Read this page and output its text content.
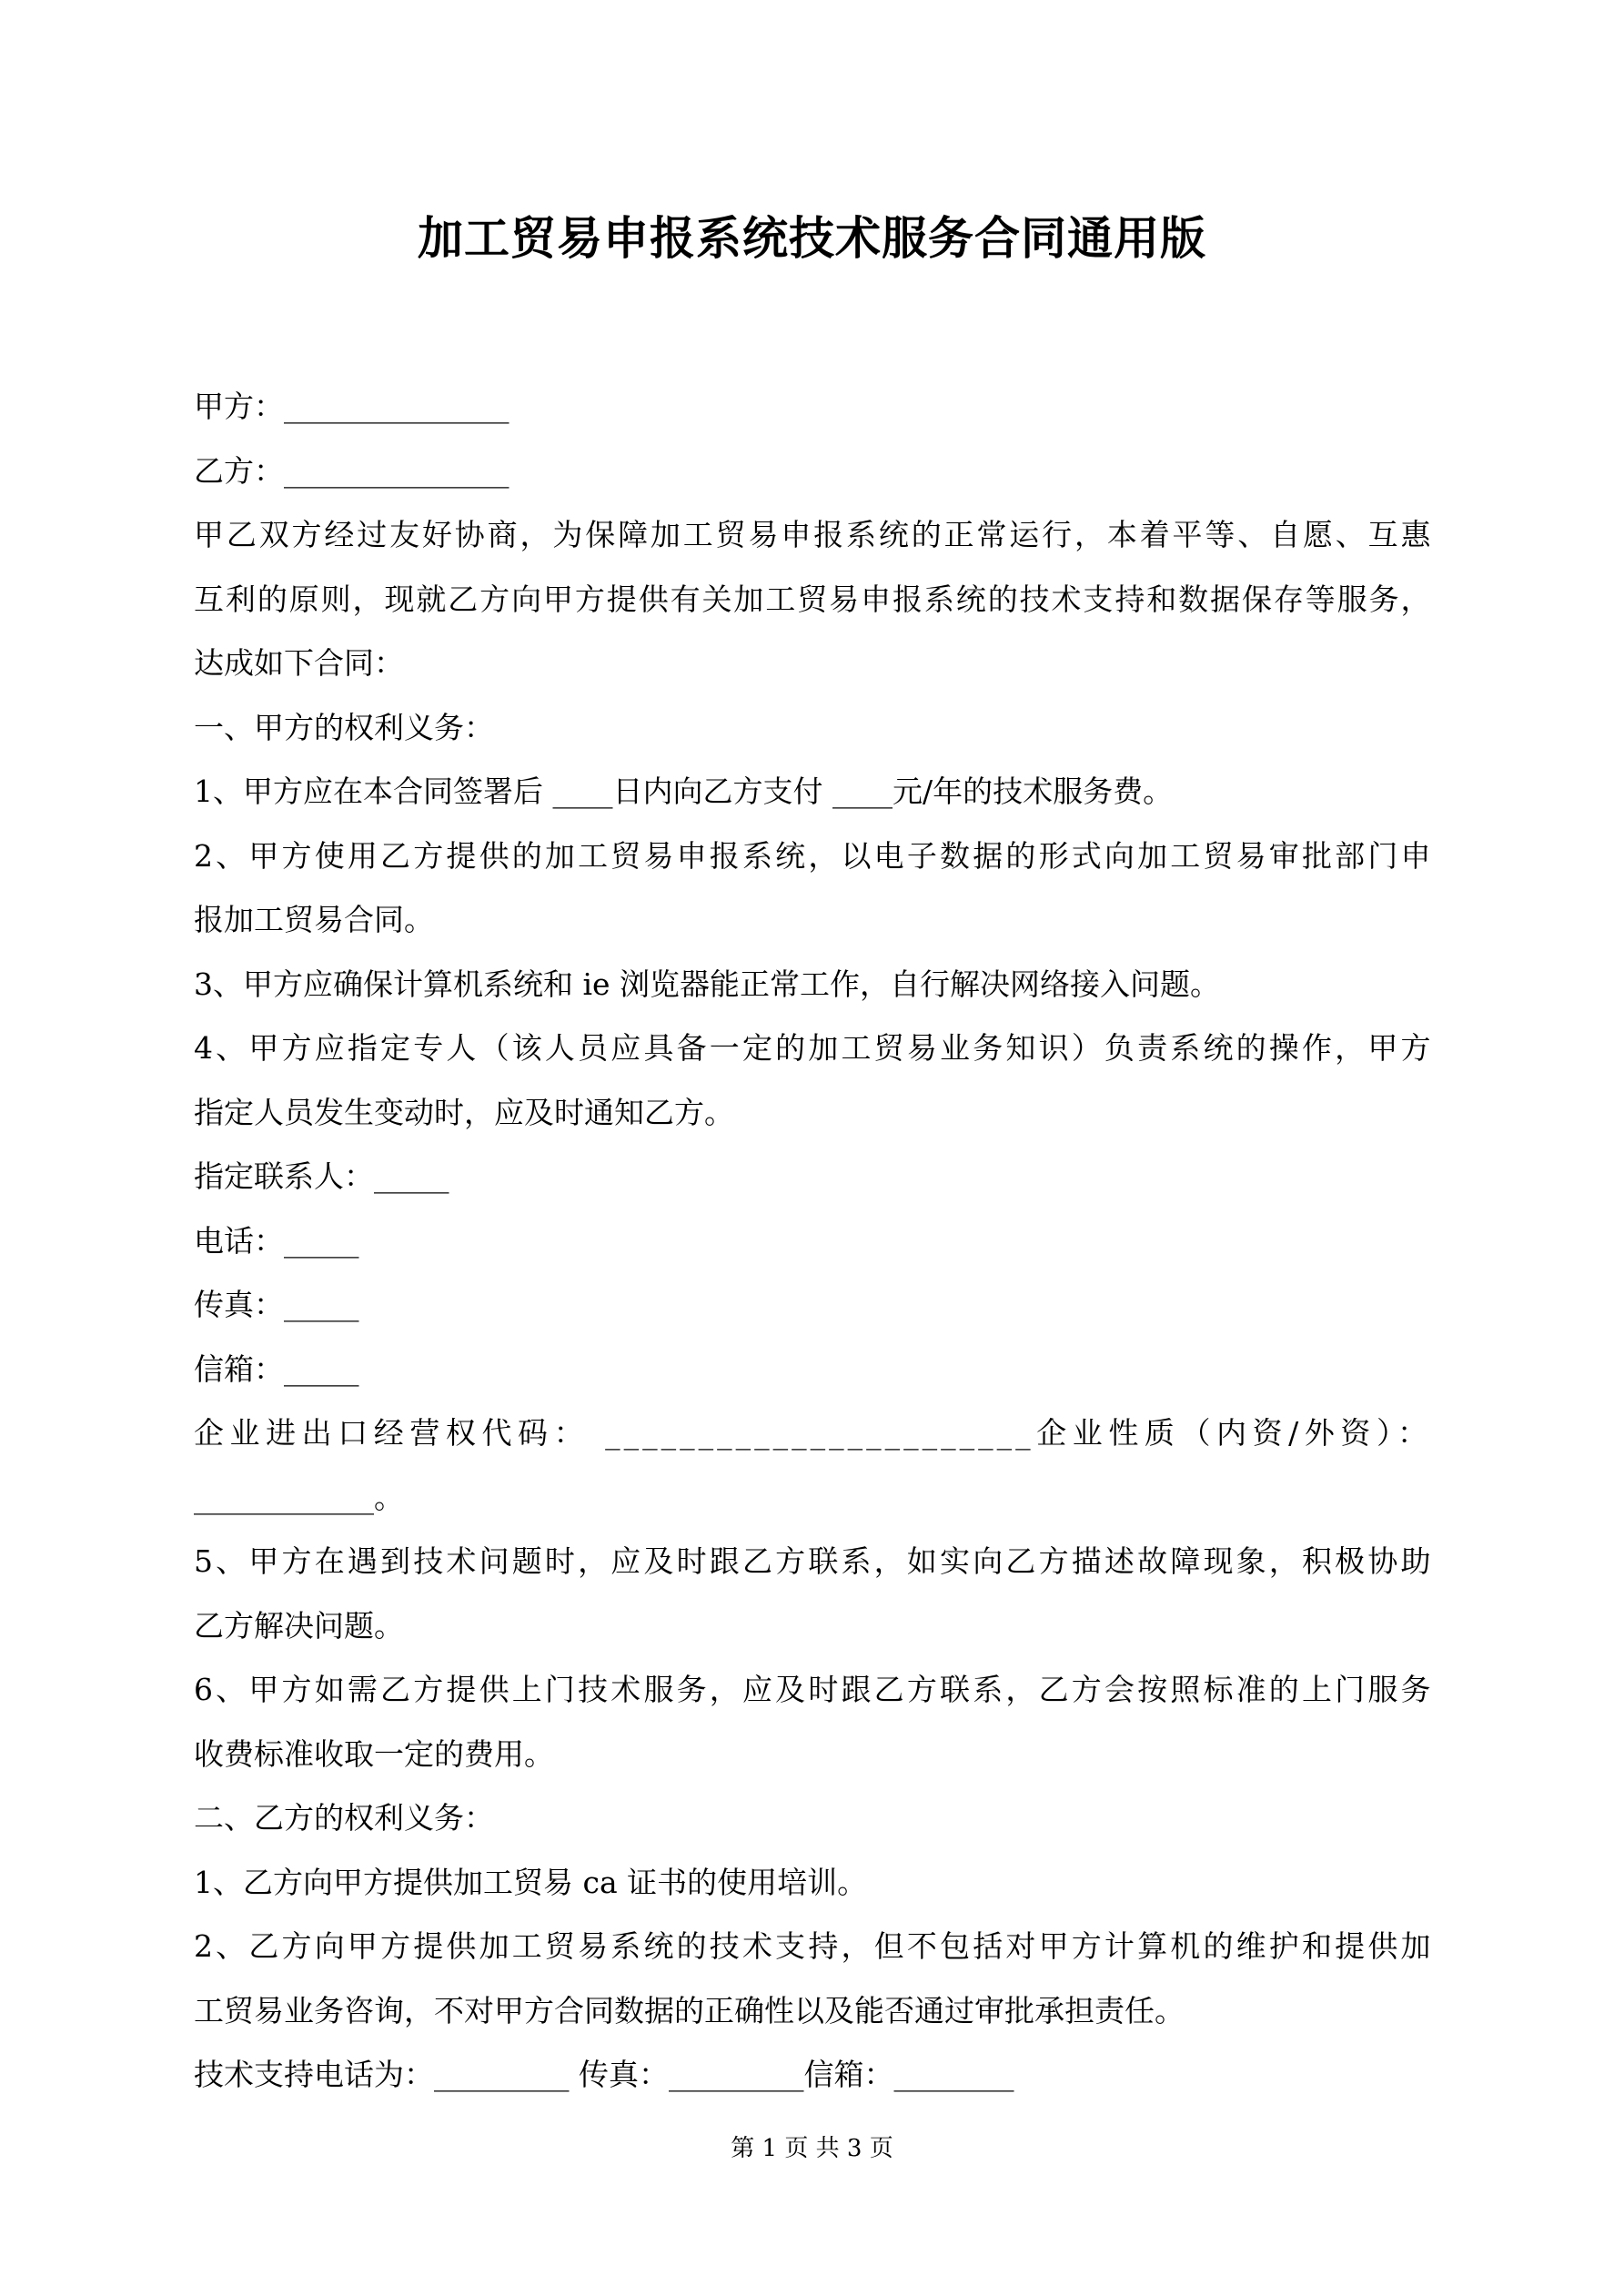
加工贸易申报系统技术服务合同通用版
甲方：_______________
乙方：_______________
甲乙双方经过友好协商，为保障加工贸易申报系统的正常运行，本着平等、自愿、互惠
互利的原则，现就乙方向甲方提供有关加工贸易申报系统的技术支持和数据保存等服务，
达成如下合同：
一、甲方的权利义务：
1、甲方应在本合同签署后 ____日内向乙方支付 ____元/年的技术服务费。
2、甲方使用乙方提供的加工贸易申报系统，以电子数据的形式向加工贸易审批部门申
报加工贸易合同。
3、甲方应确保计算机系统和 ie 浏览器能正常工作，自行解决网络接入问题。
4、甲方应指定专人（该人员应具备一定的加工贸易业务知识）负责系统的操作，甲方
指定人员发生变动时，应及时通知乙方。
指定联系人：_____
电话：_____
传真：_____
信箱：_____
企业进出口经营权代码： _______________________企业性质（内资/外资）：
____________。
5、甲方在遇到技术问题时，应及时跟乙方联系，如实向乙方描述故障现象，积极协助
乙方解决问题。
6、甲方如需乙方提供上门技术服务，应及时跟乙方联系，乙方会按照标准的上门服务
收费标准收取一定的费用。
二、乙方的权利义务：
1、乙方向甲方提供加工贸易 ca 证书的使用培训。
2、乙方向甲方提供加工贸易系统的技术支持，但不包括对甲方计算机的维护和提供加
工贸易业务咨询，不对甲方合同数据的正确性以及能否通过审批承担责任。
技术支持电话为：_________ 传真：_________信箱：________
第 1 页 共 3 页
